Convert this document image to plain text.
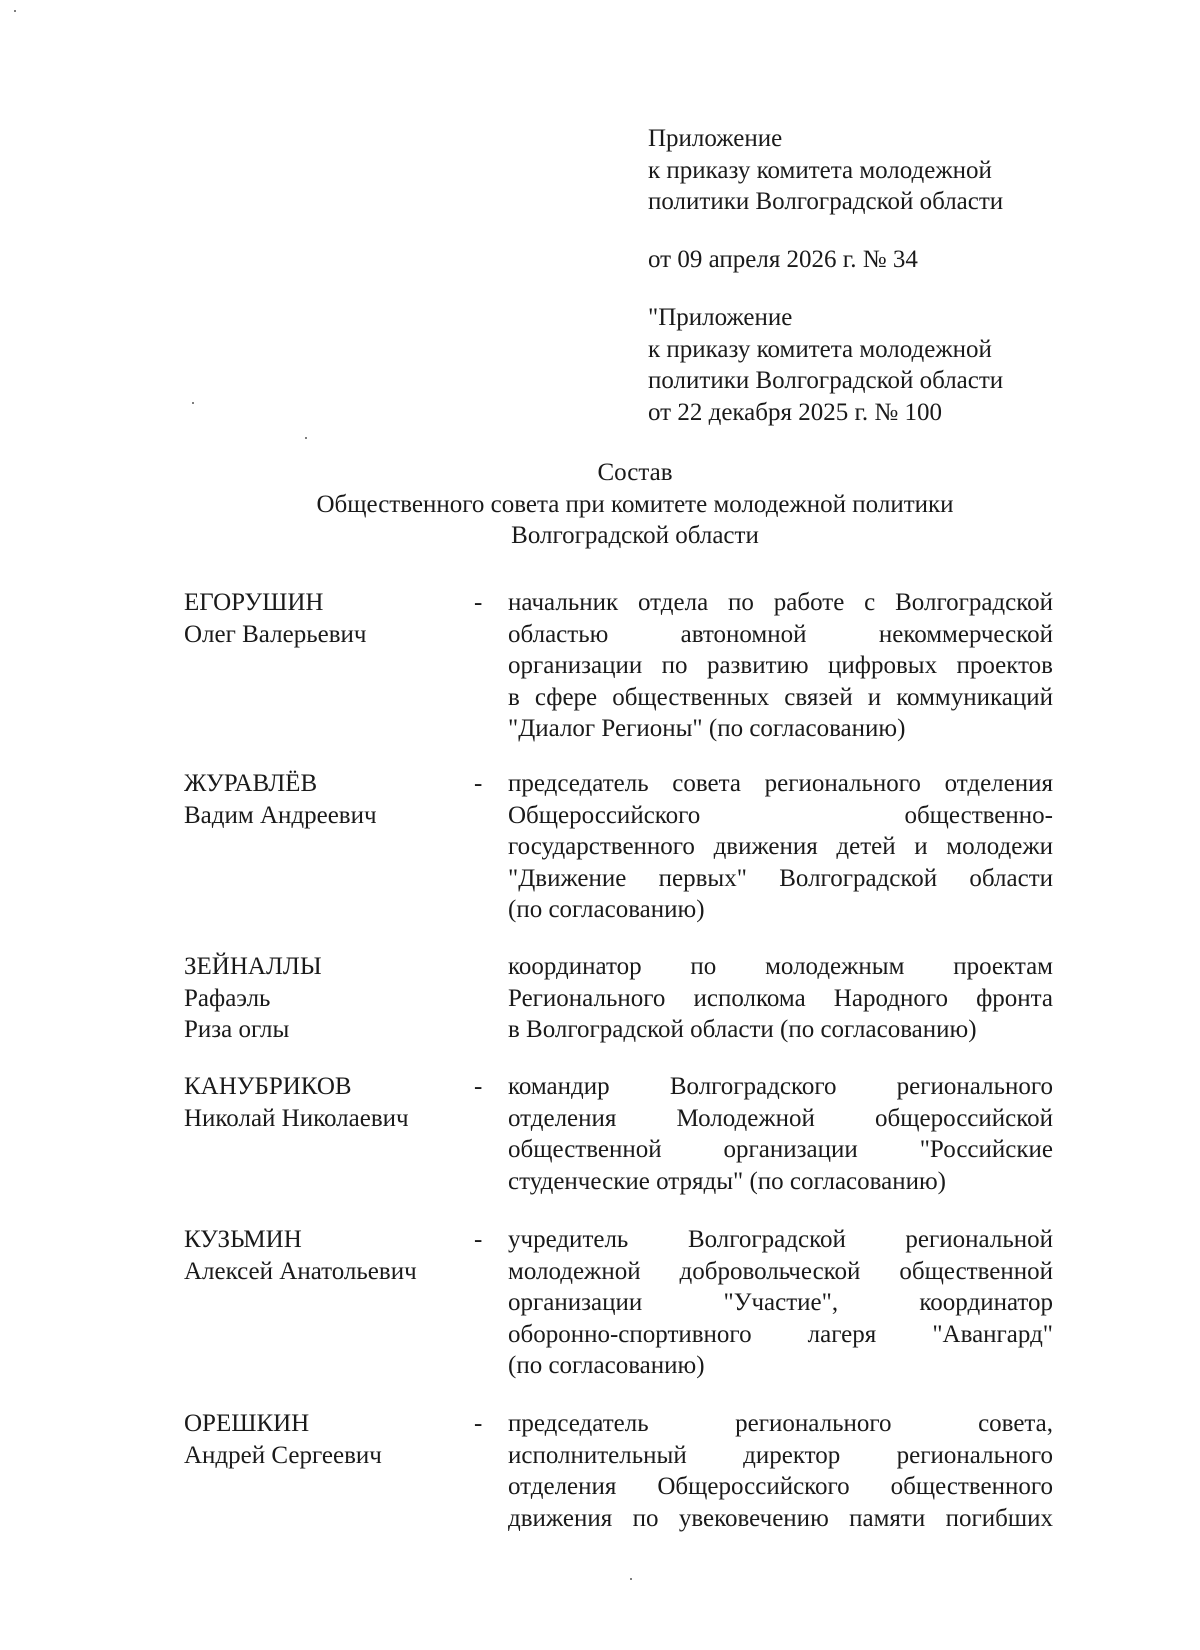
Приложение
к приказу комитета молодежной
политики Волгоградской области
от 09 апреля 2026 г. № 34
"Приложение
к приказу комитета молодежной
политики Волгоградской области
от 22 декабря 2025 г. № 100
Состав
Общественного совета при комитете молодежной политики
Волгоградской области
ЕГОРУШИН
Олег Валерьевич
- начальник отдела по работе с Волгоградской
областью автономной некоммерческой
организации по развитию цифровых проектов
в сфере общественных связей и коммуникаций
"Диалог Регионы" (по согласованию)
ЖУРАВЛЁВ
Вадим Андреевич
- председатель совета регионального отделения
Общероссийского общественно-
государственного движения детей и молодежи
"Движение первых" Волгоградской области
(по согласованию)
ЗЕЙНАЛЛЫ
Рафаэль
Риза оглы
координатор по молодежным проектам
Регионального исполкома Народного фронта
в Волгоградской области (по согласованию)
КАНУБРИКОВ
Николай Николаевич
- командир Волгоградского регионального
отделения Молодежной общероссийской
общественной организации "Российские
студенческие отряды" (по согласованию)
КУЗЬМИН
Алексей Анатольевич
- учредитель Волгоградской региональной
молодежной добровольческой общественной
организации "Участие", координатор
оборонно-спортивного лагеря "Авангард"
(по согласованию)
ОРЕШКИН
Андрей Сергеевич
- председатель регионального совета,
исполнительный директор регионального
отделения Общероссийского общественного
движения по увековечению памяти погибших
